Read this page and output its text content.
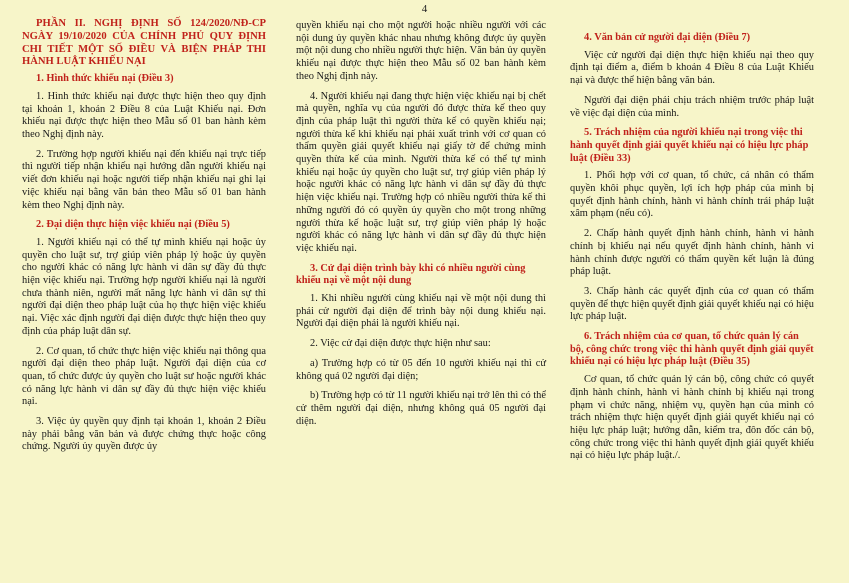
4
PHẦN II. NGHỊ ĐỊNH SỐ 124/2020/NĐ-CP NGÀY 19/10/2020 CỦA CHÍNH PHỦ QUY ĐỊNH CHI TIẾT MỘT SỐ ĐIỀU VÀ BIỆN PHÁP THI HÀNH LUẬT KHIẾU NẠI
1. Hình thức khiếu nại (Điều 3)

1. Hình thức khiếu nại được thực hiện theo quy định tại khoản 1, khoản 2 Điều 8 của Luật Khiếu nại. Đơn khiếu nại được thực hiện theo Mẫu số 01 ban hành kèm theo Nghị định này.

2. Trường hợp người khiếu nại đến khiếu nại trực tiếp thì người tiếp nhận khiếu nại hướng dẫn người khiếu nại viết đơn khiếu nại hoặc người tiếp nhận khiếu nại ghi lại việc khiếu nại bằng văn bản theo Mẫu số 01 ban hành kèm theo Nghị định này.

2. Đại diện thực hiện việc khiếu nại (Điều 5)

1. Người khiếu nại có thể tự mình khiếu nại hoặc ủy quyền cho luật sư, trợ giúp viên pháp lý hoặc ủy quyền cho người khác có năng lực hành vi dân sự đầy đủ thực hiện việc khiếu nại. Trường hợp người khiếu nại là người chưa thành niên, người mất năng lực hành vi dân sự thì người đại diện theo pháp luật của họ thực hiện việc khiếu nại. Việc xác định người đại diện được thực hiện theo quy định của pháp luật dân sự.

2. Cơ quan, tổ chức thực hiện việc khiếu nại thông qua người đại diện theo pháp luật. Người đại diện của cơ quan, tổ chức được ủy quyền cho luật sư hoặc người khác có năng lực hành vi dân sự đầy đủ thực hiện việc khiếu nại.

3. Việc ủy quyền quy định tại khoản 1, khoản 2 Điều này phải bằng văn bản và được chứng thực hoặc công chứng. Người ủy quyền được ủy

quyền khiếu nại cho một người hoặc nhiều người với các nội dung ủy quyền khác nhau nhưng không được ủy quyền một nội dung cho nhiều người thực hiện. Văn bản ủy quyền khiếu nại được thực hiện theo Mẫu số 02 ban hành kèm theo Nghị định này.

4. Người khiếu nại đang thực hiện việc khiếu nại bị chết mà quyền, nghĩa vụ của người đó được thừa kế theo quy định của pháp luật thì người thừa kế có quyền khiếu nại; người thừa kế khi khiếu nại phải xuất trình với cơ quan có thẩm quyền giải quyết khiếu nại giấy tờ để chứng minh quyền thừa kế của mình. Người thừa kế có thể tự mình khiếu nại hoặc ủy quyền cho luật sư, trợ giúp viên pháp lý hoặc người khác có năng lực hành vi dân sự đầy đủ thực hiện việc khiếu nại. Trường hợp có nhiều người thừa kế thì những người đó có quyền ủy quyền cho một trong những người thừa kế hoặc luật sư, trợ giúp viên pháp lý hoặc người khác có năng lực hành vi dân sự đầy đủ thực hiện việc khiếu nại.

3. Cử đại diện trình bày khi có nhiều người cùng khiếu nại về một nội dung

1. Khi nhiều người cùng khiếu nại về một nội dung thì phải cử người đại diện để trình bày nội dung khiếu nại. Người đại diện phải là người khiếu nại.

2. Việc cử đại diện được thực hiện như sau:

a) Trường hợp có từ 05 đến 10 người khiếu nại thì cử không quá 02 người đại diện;

b) Trường hợp có từ 11 người khiếu nại trở lên thì có thể cử thêm người đại diện, nhưng không quá 05 người đại diện.

4. Văn bản cử người đại diện (Điều 7)

Việc cử người đại diện thực hiện khiếu nại theo quy định tại điểm a, điểm b khoản 4 Điều 8 của Luật Khiếu nại và được thể hiện bằng văn bản.

Người đại diện phải chịu trách nhiệm trước pháp luật về việc đại diện của mình.

5. Trách nhiệm của người khiếu nại trong việc thi hành quyết định giải quyết khiếu nại có hiệu lực pháp luật (Điều 33)

1. Phối hợp với cơ quan, tổ chức, cá nhân có thẩm quyền khôi phục quyền, lợi ích hợp pháp của mình bị quyết định hành chính, hành vi hành chính trái pháp luật xâm phạm (nếu có).

2. Chấp hành quyết định hành chính, hành vi hành chính bị khiếu nại nếu quyết định hành chính, hành vi hành chính được người có thẩm quyền kết luận là đúng pháp luật.

3. Chấp hành các quyết định của cơ quan có thẩm quyền để thực hiện quyết định giải quyết khiếu nại có hiệu lực pháp luật.

6. Trách nhiệm của cơ quan, tổ chức quản lý cán bộ, công chức trong việc thi hành quyết định giải quyết khiếu nại có hiệu lực pháp luật (Điều 35)

Cơ quan, tổ chức quản lý cán bộ, công chức có quyết định hành chính, hành vi hành chính bị khiếu nại trong phạm vi chức năng, nhiệm vụ, quyền hạn của mình có trách nhiệm thực hiện quyết định giải quyết khiếu nại có hiệu lực pháp luật; hướng dẫn, kiểm tra, đôn đốc cán bộ, công chức trong việc thi hành quyết định giải quyết khiếu nại có hiệu lực pháp luật./.
